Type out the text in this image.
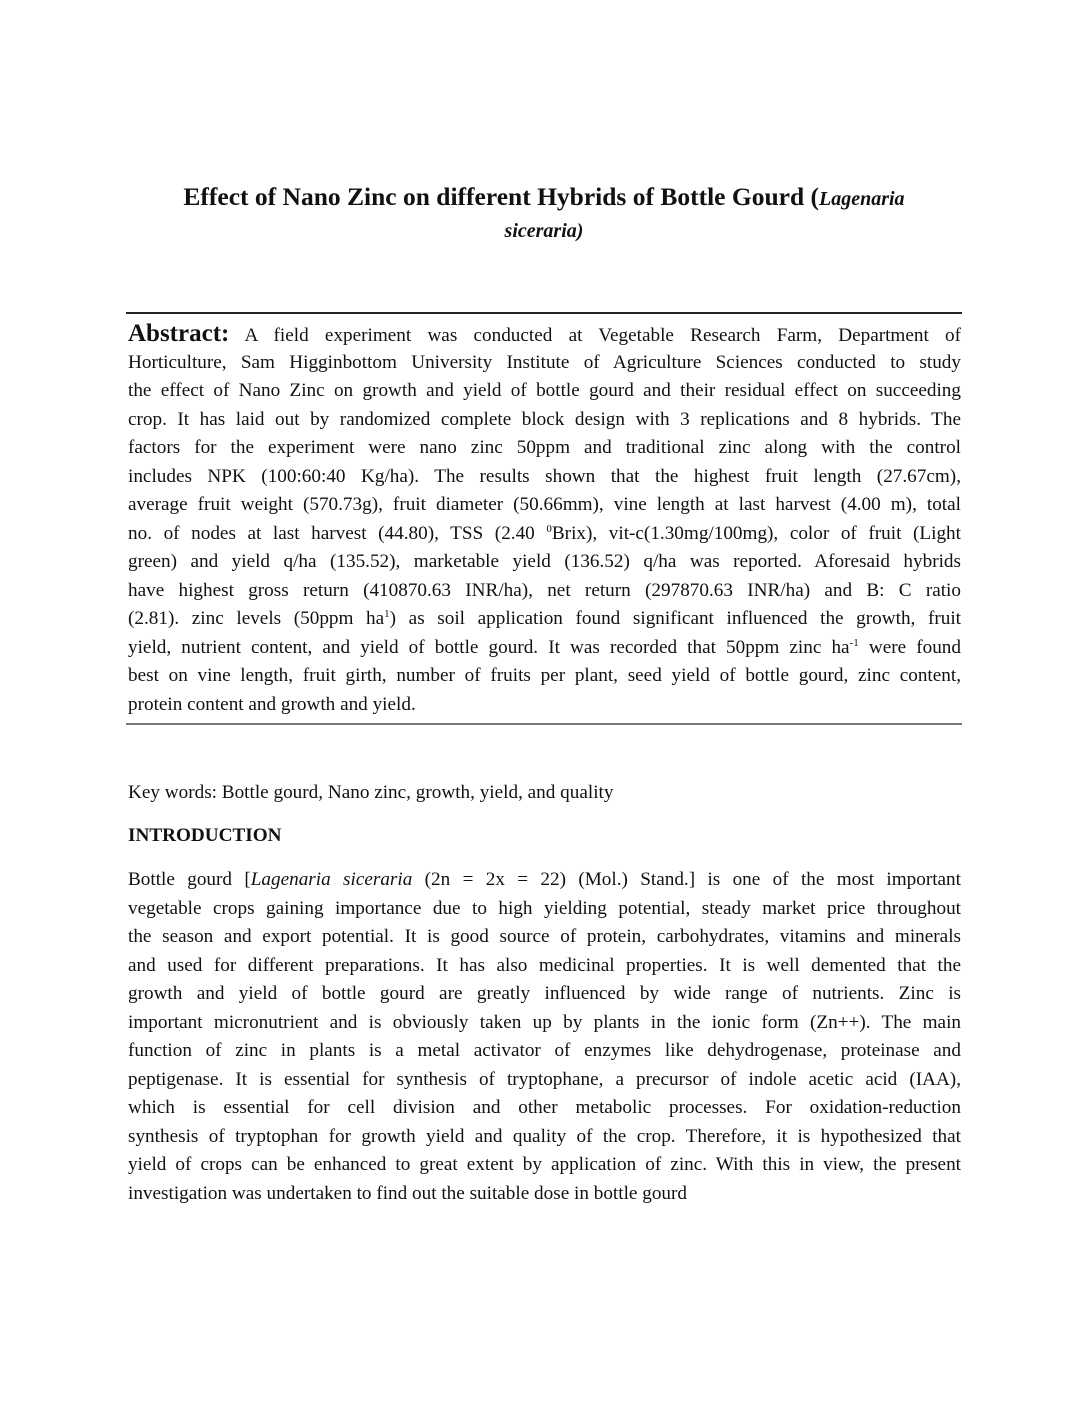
Effect of Nano Zinc on different Hybrids of Bottle Gourd (Lagenaria
siceraria)
Abstract: A field experiment was conducted at Vegetable Research Farm, Department of
Horticulture, Sam Higginbottom University Institute of Agriculture Sciences conducted to study
the effect of Nano Zinc on growth and yield of bottle gourd and their residual effect on succeeding
crop. It has laid out by randomized complete block design with 3 replications and 8 hybrids. The
factors for the experiment were nano zinc 50ppm and traditional zinc along with the control
includes NPK (100:60:40 Kg/ha). The results shown that the highest fruit length (27.67cm),
average fruit weight (570.73g), fruit diameter (50.66mm), vine length at last harvest (4.00 m), total
no. of nodes at last harvest (44.80), TSS (2.40 $^0$Brix), vit-c(1.30mg/100mg), color of fruit (Light
green) and yield q/ha (135.52), marketable yield (136.52) q/ha was reported. Aforesaid hybrids
have highest gross return (410870.63 INR/ha), net return (297870.63 INR/ha) and B: C ratio
(2.81). zinc levels (50ppm $ha^1$) as soil application found significant influenced the growth, fruit
yield, nutrient content, and yield of bottle gourd. It was recorded that 50ppm zinc $ha^{-1}$ were found
best on vine length, fruit girth, number of fruits per plant, seed yield of bottle gourd, zinc content,
protein content and growth and yield.
Key words: Bottle gourd, Nano zinc, growth, yield, and quality
INTRODUCTION
Bottle gourd [Lagenaria siceraria (2n = 2x = 22) (Mol.) Stand.] is one of the most important
vegetable crops gaining importance due to high yielding potential, steady market price throughout
the season and export potential. It is good source of protein, carbohydrates, vitamins and minerals
and used for different preparations. It has also medicinal properties. It is well demented that the
growth and yield of bottle gourd are greatly influenced by wide range of nutrients. Zinc is
important micronutrient and is obviously taken up by plants in the ionic form (Zn++). The main
function of zinc in plants is a metal activator of enzymes like dehydrogenase, proteinase and
peptigenase. It is essential for synthesis of tryptophane, a precursor of indole acetic acid (IAA),
which is essential for cell division and other metabolic processes. For oxidation-reduction
synthesis of tryptophan for growth yield and quality of the crop. Therefore, it is hypothesized that
yield of crops can be enhanced to great extent by application of zinc. With this in view, the present
investigation was undertaken to find out the suitable dose in bottle gourd
